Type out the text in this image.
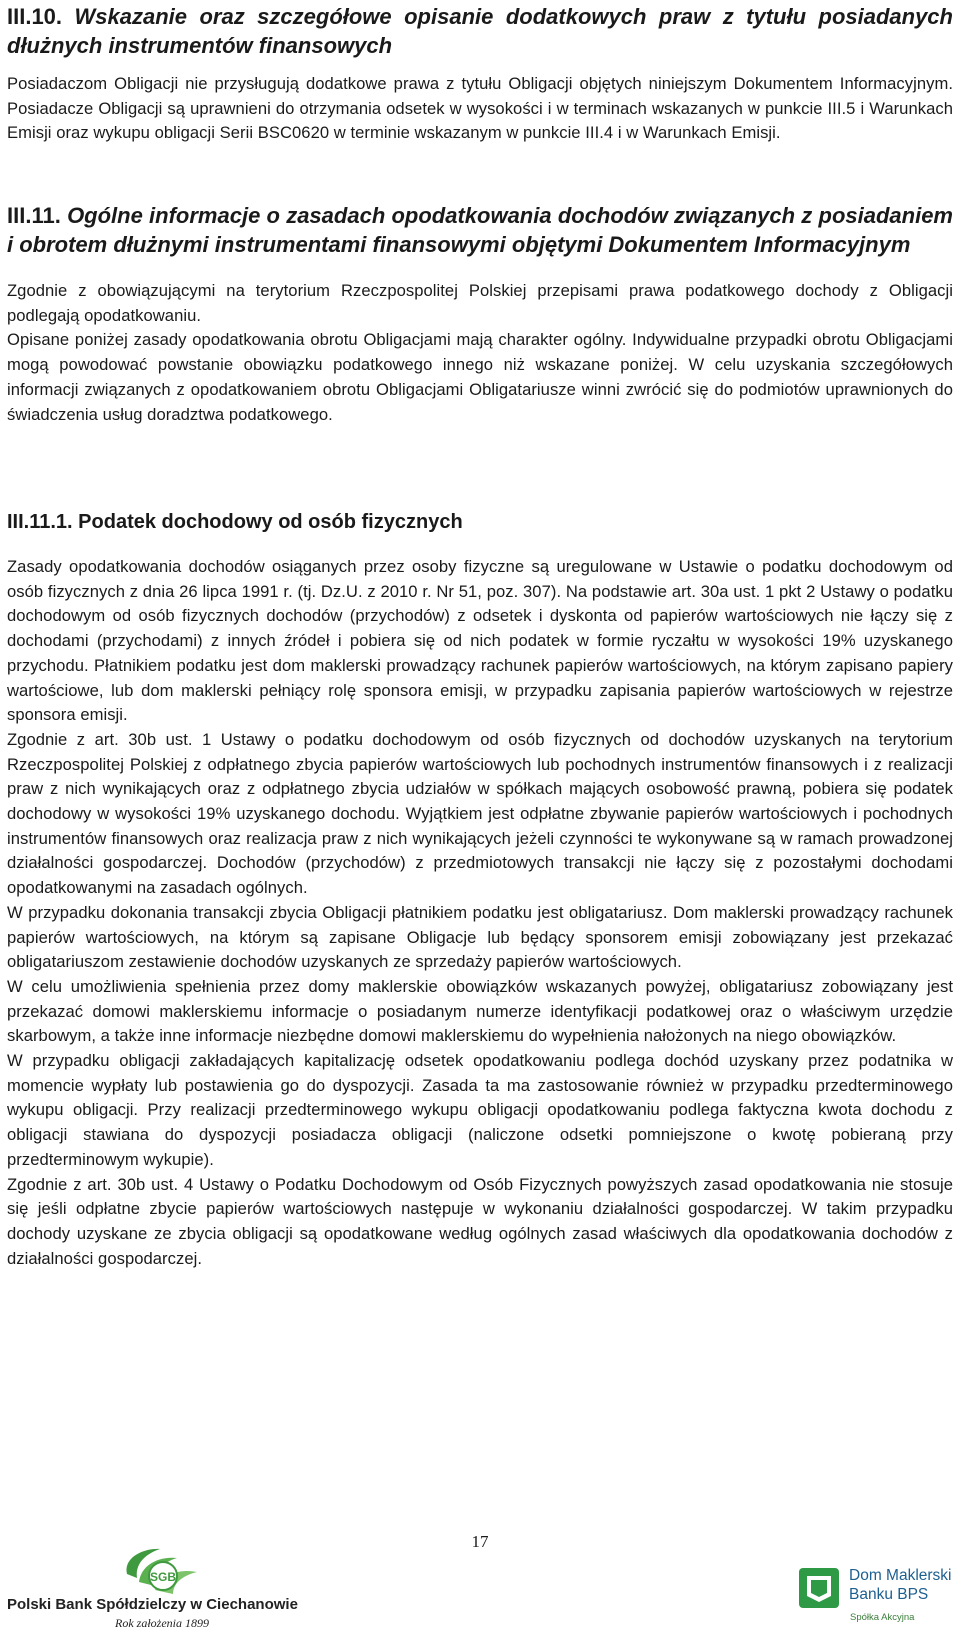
III.10. Wskazanie oraz szczegółowe opisanie dodatkowych praw z tytułu posiadanych dłużnych instrumentów finansowych

Posiadaczom Obligacji nie przysługują dodatkowe prawa z tytułu Obligacji objętych niniejszym Dokumentem Informacyjnym. Posiadacze Obligacji są uprawnieni do otrzymania odsetek w wysokości i w terminach wskazanych w punkcie III.5 i Warunkach Emisji oraz wykupu obligacji Serii BSC0620 w terminie wskazanym w punkcie III.4 i w Warunkach Emisji.

III.11. Ogólne informacje o zasadach opodatkowania dochodów związanych z posiadaniem i obrotem dłużnymi instrumentami finansowymi objętymi Dokumentem Informacyjnym

Zgodnie z obowiązującymi na terytorium Rzeczpospolitej Polskiej przepisami prawa podatkowego dochody z Obligacji podlegają opodatkowaniu.

Opisane poniżej zasady opodatkowania obrotu Obligacjami mają charakter ogólny. Indywidualne przypadki obrotu Obligacjami mogą powodować powstanie obowiązku podatkowego innego niż wskazane poniżej. W celu uzyskania szczegółowych informacji związanych z opodatkowaniem obrotu Obligacjami Obligatariusze winni zwrócić się do podmiotów uprawnionych do świadczenia usług doradztwa podatkowego.

III.11.1. Podatek dochodowy od osób fizycznych

Zasady opodatkowania dochodów osiąganych przez osoby fizyczne są uregulowane w Ustawie o podatku dochodowym od osób fizycznych z dnia 26 lipca 1991 r. (tj. Dz.U. z 2010 r. Nr 51, poz. 307). Na podstawie art. 30a ust. 1 pkt 2 Ustawy o podatku dochodowym od osób fizycznych dochodów (przychodów) z odsetek i dyskonta od papierów wartościowych nie łączy się z dochodami (przychodami) z innych źródeł i pobiera się od nich podatek w formie ryczałtu w wysokości 19% uzyskanego przychodu. Płatnikiem podatku jest dom maklerski prowadzący rachunek papierów wartościowych, na którym zapisano papiery wartościowe, lub dom maklerski pełniący rolę sponsora emisji, w przypadku zapisania papierów wartościowych w rejestrze sponsora emisji.

Zgodnie z art. 30b ust. 1 Ustawy o podatku dochodowym od osób fizycznych od dochodów uzyskanych na terytorium Rzeczpospolitej Polskiej z odpłatnego zbycia papierów wartościowych lub pochodnych instrumentów finansowych i z realizacji praw z nich wynikających oraz z odpłatnego zbycia udziałów w spółkach mających osobowość prawną, pobiera się podatek dochodowy w wysokości 19% uzyskanego dochodu. Wyjątkiem jest odpłatne zbywanie papierów wartościowych i pochodnych instrumentów finansowych oraz realizacja praw z nich wynikających jeżeli czynności te wykonywane są w ramach prowadzonej działalności gospodarczej. Dochodów (przychodów) z przedmiotowych transakcji nie łączy się z pozostałymi dochodami opodatkowanymi na zasadach ogólnych.

W przypadku dokonania transakcji zbycia Obligacji płatnikiem podatku jest obligatariusz. Dom maklerski prowadzący rachunek papierów wartościowych, na którym są zapisane Obligacje lub będący sponsorem emisji zobowiązany jest przekazać obligatariuszom zestawienie dochodów uzyskanych ze sprzedaży papierów wartościowych.

W celu umożliwienia spełnienia przez domy maklerskie obowiązków wskazanych powyżej, obligatariusz zobowiązany jest przekazać domowi maklerskiemu informacje o posiadanym numerze identyfikacji podatkowej oraz o właściwym urzędzie skarbowym, a także inne informacje niezbędne domowi maklerskiemu do wypełnienia nałożonych na niego obowiązków.

W przypadku obligacji zakładających kapitalizację odsetek opodatkowaniu podlega dochód uzyskany przez podatnika w momencie wypłaty lub postawienia go do dyspozycji. Zasada ta ma zastosowanie również w przypadku przedterminowego wykupu obligacji. Przy realizacji przedterminowego wykupu obligacji opodatkowaniu podlega faktyczna kwota dochodu z obligacji stawiana do dyspozycji posiadacza obligacji (naliczone odsetki pomniejszone o kwotę pobieraną przy przedterminowym wykupie).

Zgodnie z art. 30b ust. 4 Ustawy o Podatku Dochodowym od Osób Fizycznych powyższych zasad opodatkowania nie stosuje się jeśli odpłatne zbycie papierów wartościowych następuje w wykonaniu działalności gospodarczej. W takim przypadku dochody uzyskane ze zbycia obligacji są opodatkowane według ogólnych zasad właściwych dla opodatkowania dochodów z działalności gospodarczej.

17
SGB
Polski Bank Spółdzielczy w Ciechanowie
Rok założenia 1899
Dom Maklerski
Banku BPS
Spółka Akcyjna
